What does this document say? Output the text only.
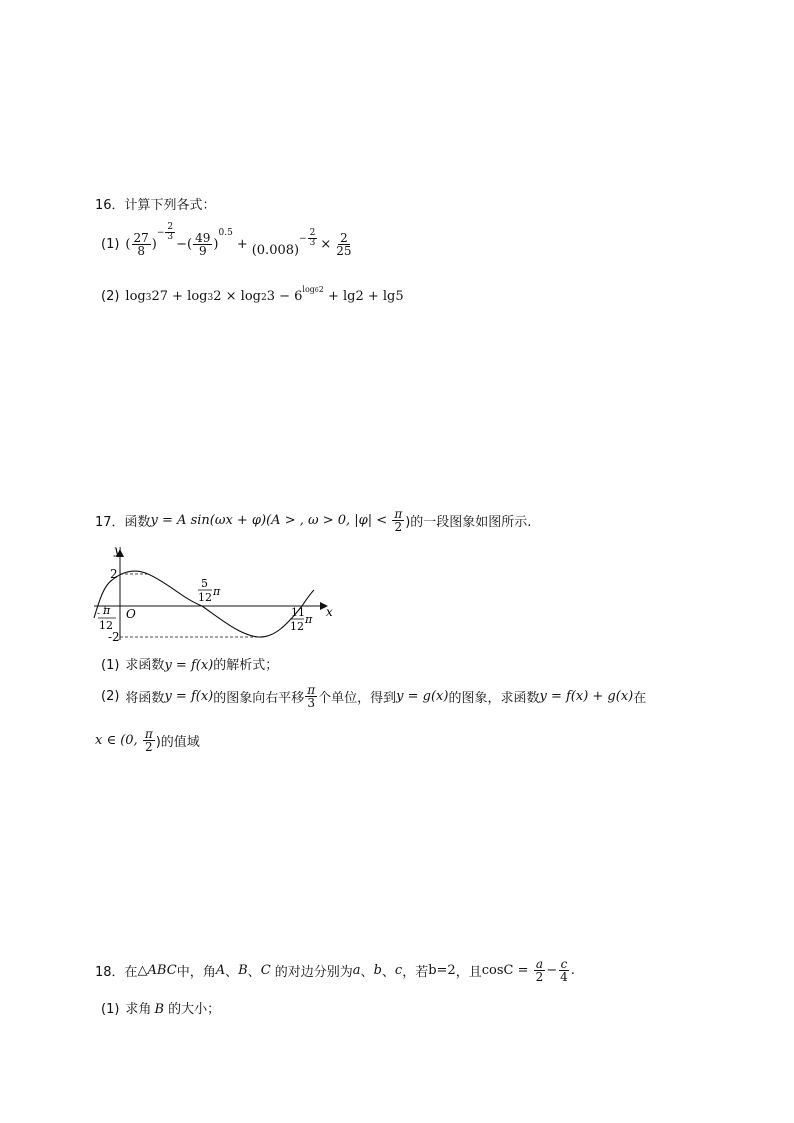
16．计算下列各式：
(1) ( $\frac{27}{8}$ )
− $\frac{2}{3}$
− ( $\frac{49}{9}$ )
0.5
+ (0.008)
− $\frac{2}{3} \times \frac{2}{25}$
(2) log 3 27 + log 3 2 × log 2 3 − 6 log62 + lg2 + lg5
17．函数 y = A sin(ωx + φ)(A > , ω > 0, $|\varphi| < \frac{\pi}{2}$ )的一段图象如图所示.
y
x
2
-2
O
- π
12
5
12 π
11
12
π
(1) 求函数 y = f(x) 的解析式；
(2) 将函数 y = f(x) 的图象向右平移 $\frac{\pi}{3}$ 个单位，得到 y = g(x) 的图象，求函数 y = f(x) + g(x) 在
x ∈ (0, $\frac{\pi}{2}$ )的值域
18．在 △ABC 中，角 A 、 B 、 C 的对边分别为 a 、 b 、 c ，若 b=2 ，且 $\cos C = \frac{a}{2} - \frac{c}{4}$ .
(1) 求角 B 的大小；
